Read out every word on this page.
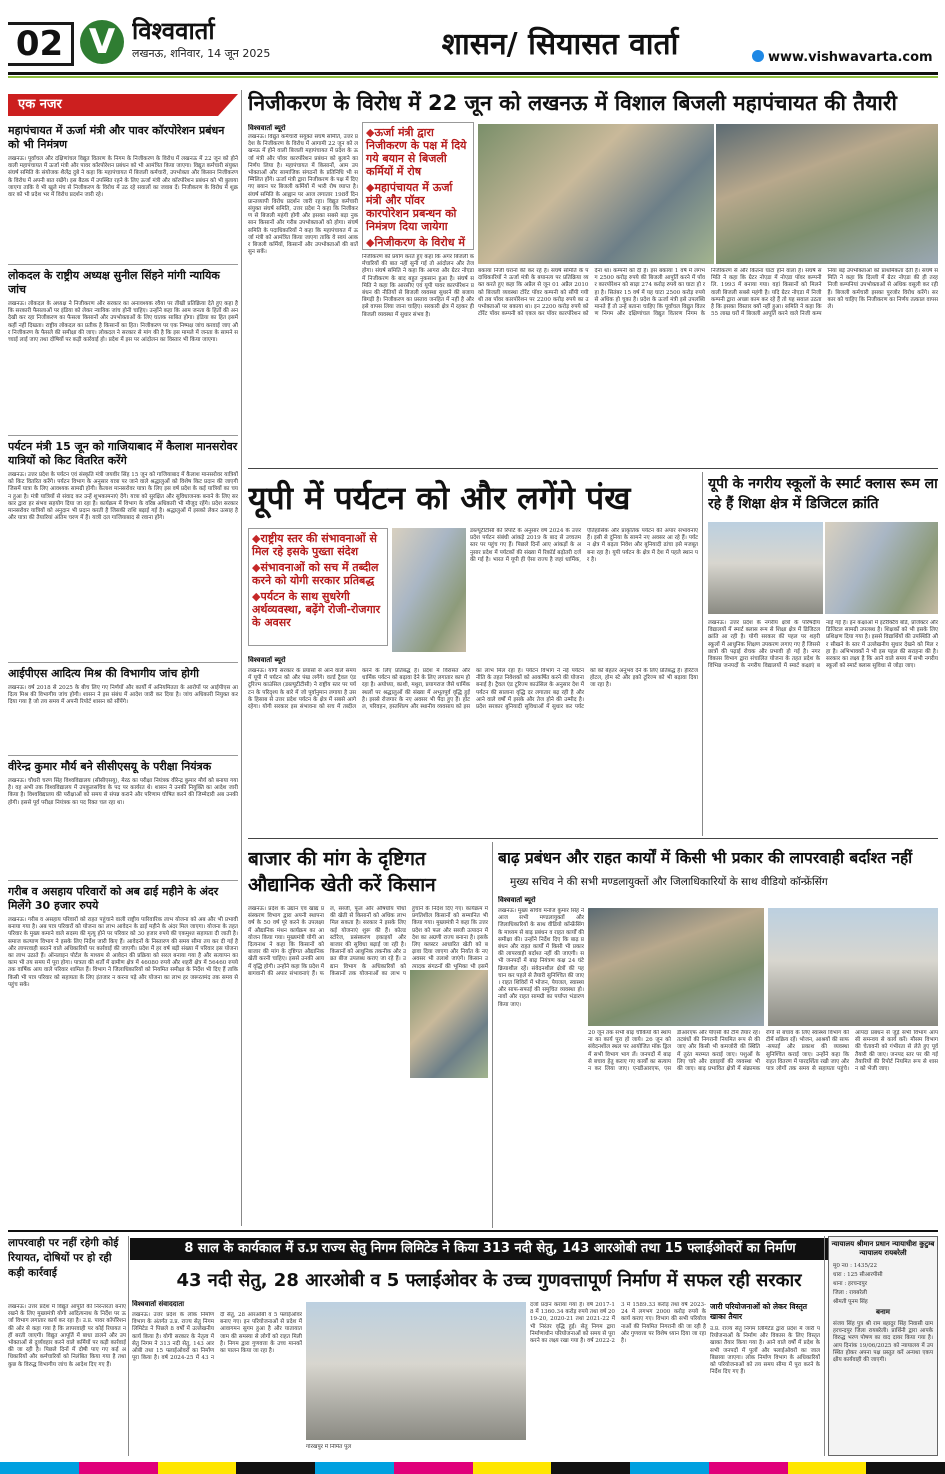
02 V विश्ववार्ता
लखनऊ, शनिवार, 14 जून 2025	शासन/ सियासत वार्ता	www.vishwavarta.com
एक नजर
महापंचायत में ऊर्जा मंत्री और पावर कॉरपोरेशन प्रबंधन को भी निमंत्रण
लखनऊ। पूर्वांचल और दक्षिणांचल विद्युत वितरण के निगम के निजीकरण के विरोध में लखनऊ में 22 जून को होने वाली महापंचायत में ऊर्जा मंत्री और पावर कॉरपोरेशन प्रबंधन को भी आमंत्रित किया जाएगा। विद्युत कर्मचारी संयुक्त संघर्ष समिति के संयोजक शैलेंद्र दुबे ने कहा कि महापंचायत में बिजली कर्मचारी, उपभोक्ता और किसान निजीकरण के विरोध में अपनी बात रखेंगे। इस बैठक में उपस्थित रहने के लिए ऊर्जा मंत्री और कॉरपोरेशन प्रबंधन को भी बुलाया जाएगा ताकि वे भी खुले मंच से निजीकरण के विरोध में उठ रहे सवालों का जवाब दें। निजीकरण के विरोध में शुक्रवार को भी प्रदेश भर में विरोध प्रदर्शन जारी रहे।
लोकदल के राष्ट्रीय अध्यक्ष सुनील सिंहने मांगी न्यायिक जांच
लखनऊ। लोकदल के अध्यक्ष ने निजीकरण और सरकार का अनावश्यक रवैया पर तीखी प्रतिक्रिया देते हुए कहा है कि सरकारी फैसलाओं पर इंडिया को लेकर न्यायिक जांच होनी चाहिए। उन्होंने कहा कि आम जनता के हितों की अनदेखी कर रहा निजीकरण का फैसला किसानों और उपभोक्ताओं के लिए घातक साबित होगा। इंडिया का हित इसमें कहीं नहीं दिखता। राष्ट्रीय लोकदल का प्रतीक है किसानों का हित। निजीकरण पर एक निष्पक्ष जांच करवाई जाए और निजीकरण के फैसले की समीक्षा की जाए। लोकदल ने सरकार से मांग की है कि इस मामले में जनता के सामने सच्चाई लाई जाए तथा दोषियों पर कड़ी कार्रवाई हो। प्रदेश में इस पर आंदोलन का विस्तार भी किया जाएगा।
पर्यटन मंत्री 15 जून को गाजियाबाद में कैलाश मानसरोवर यात्रियों को किट वितरित करेंगे
लखनऊ। उत्तर प्रदेश के पर्यटन एवं संस्कृति मंत्री जयवीर सिंह 15 जून को गाजियाबाद में कैलाश मानसरोवर यात्रियों को किट वितरित करेंगे। पर्यटन विभाग के अनुसार यात्रा पर जाने वाले श्रद्धालुओं को विशेष किट प्रदान की जाएगी जिसमें यात्रा के लिए आवश्यक सामग्री होगी। कैलाश मानसरोवर यात्रा के लिए इस वर्ष प्रदेश के कई यात्रियों का चयन हुआ है। मंत्री यात्रियों से संवाद कर उन्हें शुभकामनाएं देंगे। यात्रा को सुरक्षित और सुविधाजनक बनाने के लिए सरकार द्वारा हर संभव सहयोग दिया जा रहा है। कार्यक्रम में विभाग के वरिष्ठ अधिकारी भी मौजूद रहेंगे। प्रदेश सरकार मानसरोवर यात्रियों को अनुदान भी प्रदान करती है जिसकी राशि बढ़ाई गई है। श्रद्धालुओं में इसको लेकर उत्साह है और यात्रा की तैयारियां अंतिम चरण में हैं। यात्री दल गाजियाबाद से रवाना होंगे।
आईपीएस आदित्य मिश्र की विभागीय जांच होगी
लखनऊ। वर्ष 2018 से 2025 के बीच लिए गए निर्णयों और कार्यों में अनियमितता के आरोपों पर आईपीएस आदित्य मिश्र की विभागीय जांच होगी। शासन ने इस संबंध में आदेश जारी कर दिया है। जांच अधिकारी नियुक्त कर दिया गया है जो तय समय में अपनी रिपोर्ट शासन को सौंपेंगे।
वीरेन्द्र कुमार मौर्य बने सीसीएसयू के परीक्षा नियंत्रक
लखनऊ। चौधरी चरण सिंह विश्वविद्यालय (सीसीएसयू), मेरठ का परीक्षा नियंत्रक वीरेन्द्र कुमार मौर्य को बनाया गया है। वह अभी तक विश्वविद्यालय में उपकुलसचिव के पद पर कार्यरत थे। शासन ने उनकी नियुक्ति का आदेश जारी किया है। विश्वविद्यालय की परीक्षाओं को समय से संपन्न कराने और परिणाम घोषित करने की जिम्मेदारी अब उनकी होगी। इससे पूर्व परीक्षा नियंत्रक का पद रिक्त चल रहा था।
गरीब व असहाय परिवारों को अब ढाई महीने के अंदर मिलेंगे 30 हजार रुपये
लखनऊ। गरीब व असहाय परिवारों को राहत पहुंचाने वाली राष्ट्रीय पारिवारिक लाभ योजना को अब और भी प्रभावी बनाया गया है। अब पात्र परिवारों को योजना का लाभ आवेदन के ढाई महीने के अंदर मिल जाएगा। योजना के तहत परिवार के मुख्य कमाने वाले सदस्य की मृत्यु होने पर परिवार को 30 हजार रुपये की एकमुश्त सहायता दी जाती है। समाज कल्याण विभाग ने इसके लिए निर्देश जारी किए हैं। आवेदनों के निस्तारण की समय सीमा तय कर दी गई है और लापरवाही बरतने वाले अधिकारियों पर कार्रवाई की जाएगी। प्रदेश में हर वर्ष बड़ी संख्या में परिवार इस योजना का लाभ उठाते हैं। ऑनलाइन पोर्टल के माध्यम से आवेदन की प्रक्रिया को सरल बनाया गया है और सत्यापन का काम भी तय समय में पूरा होगा। पात्रता की शर्तों में ग्रामीण क्षेत्र में 46080 रुपये और शहरी क्षेत्र में 56460 रुपये तक वार्षिक आय वाले परिवार शामिल हैं। विभाग ने जिलाधिकारियों को नियमित समीक्षा के निर्देश भी दिए हैं ताकि किसी भी पात्र परिवार को सहायता के लिए इंतजार न करना पड़े और योजना का लाभ हर जरूरतमंद तक समय से पहुंच सके।
निजीकरण के विरोध में 22 जून को लखनऊ में विशाल बिजली महापंचायत की तैयारी
विश्ववार्ता ब्यूरो
लखनऊ। विद्युत कर्मचारी संयुक्त संघर्ष समिति, उत्तर प्रदेश के निजीकरण के विरोध में आगामी 22 जून को लखनऊ में होने वाली बिजली महापंचायत में प्रदेश के ऊर्जा मंत्री और पॉवर कारपोरेशन प्रबंधन को बुलाने का निर्णय लिया है। महापंचायत में किसानों, आम उपभोक्ताओं और सामाजिक संगठनों के प्रतिनिधि भी सम्मिलित होंगे। ऊर्जा मंत्री द्वारा निजीकरण के पक्ष में दिए गए बयान पर बिजली कर्मियों में भारी रोष व्याप्त है। संघर्ष समिति के आह्वान पर आज लगातार 198वें दिन प्रान्तव्यापी विरोध प्रदर्शन जारी रहा। विद्युत कर्मचारी संयुक्त संघर्ष समिति, उत्तर प्रदेश ने कहा कि निजीकरण से बिजली महंगी होगी और इसका सबसे बड़ा नुकसान किसानों और गरीब उपभोक्ताओं को होगा। संघर्ष समिति के पदाधिकारियों ने कहा कि महापंचायत में ऊर्जा मंत्री को आमंत्रित किया जाएगा ताकि वे स्वयं आकर बिजली कर्मियों, किसानों और उपभोक्ताओं की बातें सुन सकें।
◆ऊर्जा मंत्री द्वारा निजीकरण के पक्ष में दिये गये बयान से बिजली कर्मियों में रोष
◆महापंचायत में ऊर्जा मंत्री और पॉवर कारपोरेशन प्रबन्धन को निमंत्रण दिया जायेगा
◆निजीकरण के विरोध में
निजीकरण को प्रयोग करते हुए कहा कि अगर बिजली कर्मचारियों की बात नहीं सुनी गई तो आंदोलन और तेज होगा। संघर्ष समिति ने कहा कि आगरा और ग्रेटर नोएडा में निजीकरण के बाद बहुत नुकसान हुआ है। संघर्ष समिति ने कहा कि आरसीए एवं यूपी पावर कारपोरेशन प्रबंधन की नीतियों से बिजली व्यवस्था सुधरने की बजाय बिगड़ी है। निजीकरण का प्रस्ताव जनहित में नहीं है और इसे वापस लिया जाना चाहिए। सरकारी क्षेत्र में रहकर ही बिजली व्यवस्था में सुधार संभव है।
बकाया निजी घरानों की कर रहे हैं। संघर्ष समिति के पदाधिकारियों ने ऊर्जा मंत्री के बयानत्य पर प्रतिक्रिया व्यक्त करते हुए कहा कि अप्रैल से जून 01 अप्रैल 2010 को बिजली व्यवस्था टोरेंट पॉवर कम्पनी को सौंपी गयी थी तब पॉवर कारपोरेशन पर 2200 करोड़ रुपये का उपभोक्ताओं पर बकाया था। इन 2200 करोड़ रुपये को टोरेंट पॉवर कम्पनी को एकत्र कर पॉवर कारपोरेशन को देना था। कम्पनी को दी हैं। इस बकाया 1 वर्ष में लगभग 2500 करोड़ रुपये की बिजली आपूर्ति करने में पॉवर कारपोरेशन को साढ़ा 274 करोड़ रुपये का घाटा हो रहा है। सितंबर 15 वर्ष में यह घाटा 2500 करोड़ रुपये से अधिक हो चुका है। प्रदेश के ऊर्जा मंत्री इसे उपलब्धि मानते हैं तो उन्हें बताना चाहिए कि पूर्वांचल विद्युत वितरण निगम और दक्षिणांचल विद्युत वितरण निगम के निजीकरण से और कितना घाटा होने वाला है। संघर्ष समिति ने कहा कि ग्रेटर नोएडा में नोएडा पॉवर कम्पनी लि. 1993 में बनाया गया। वहां किसानों को मिलने वाली बिजली सबसे महंगी है। यदि ग्रेटर नोएडा में निजी कम्पनी द्वारा अच्छा काम कर रहे हैं तो यह सवाल उठता है कि इसका विस्तार क्यों नहीं हुआ। समिति ने कहा कि 55 लाख घरों में बिजली आपूर्ति करने वाले निजी कम्पनियां बड़े उपभोक्ताओं को प्राथमिकता देती हैं। संघर्ष समिति ने कहा कि दिल्ली में ग्रेटर नोएडा की ही तरह निजी कम्पनियां उपभोक्ताओं से अधिक वसूली कर रही हैं। बिजली कर्मचारी इसका पुरजोर विरोध करेंगे। सरकार को चाहिए कि निजीकरण का निर्णय तत्काल वापस ले।
यूपी में पर्यटन को और लगेंगे पंख
◆राष्ट्रीय स्तर की संभावनाओं से मिल रहे इसके पुख्ता संदेश
◆संभावनाओं को सच में तब्दील करने को योगी सरकार प्रतिबद्ध
◆पर्यटन के साथ सुधरेगी अर्थव्यवस्था, बढ़ेंगे रोजी-रोजगार के अवसर
डब्ल्यूटीटीसी की रिपोर्ट के अनुसार वर्ष 2024 के उत्तर प्रदेश पर्यटन संबंधी आंकड़े 2019 के बाद से उच्चतम स्तर पर पहुंच गए हैं। पिछले दिनों आए आंकड़ों के अनुसार प्रदेश में पर्यटकों की संख्या में रिकॉर्ड बढ़ोतरी दर्ज की गई है। भारत में यूपी ही ऐसा राज्य है जहां धार्मिक, ऐतिहासिक और प्राकृतिक पर्यटन की अपार संभावनाएं हैं। इसी से दुनिया के सामने नए अवसर आ रहे हैं। पर्यटन क्षेत्र में बढ़ता निवेश और बुनियादी ढांचा इसे मजबूत बना रहा है। यूपी पर्यटन के क्षेत्र में देश में पहले स्थान पर है।
विश्ववार्ता ब्यूरो
लखनऊ। योगी सरकार के प्रयासों से आने वाले समय में यूपी में पर्यटन को और पंख लगेंगे। वर्ल्ड ट्रैवल एंड टूरिज्म काउंसिल (डब्ल्यूटीटीसी) ने राष्ट्रीय स्तर पर पर्यटन के परिदृश्य के बारे में जो पूर्वानुमान लगाया है उसके हिसाब से उत्तर प्रदेश पर्यटन के क्षेत्र में सबसे आगे रहेगा। योगी सरकार इस संभावना को सच में तब्दील करने के लिए प्रतिबद्ध है। प्रदेश में विरासत और धार्मिक पर्यटन को बढ़ावा देने के लिए लगातार काम हो रहा है। अयोध्या, काशी, मथुरा, प्रयागराज जैसे धार्मिक स्थलों पर श्रद्धालुओं की संख्या में अभूतपूर्व वृद्धि हुई है। इससे रोजगार के नए अवसर भी पैदा हुए हैं। होटल, परिवहन, हस्तशिल्प और स्थानीय व्यवसाय को इसका लाभ मिल रहा है। पर्यटन विभाग ने नई पर्यटन नीति के तहत निवेशकों को आकर्षित करने की योजना बनाई है। ट्रैवल एंड टूरिज्म काउंसिल के अनुसार देश में पर्यटन की सालाना वृद्धि दर लगातार बढ़ रही है और आने वाले वर्षों में इसके और तेज होने की उम्मीद है। प्रदेश सरकार बुनियादी सुविधाओं में सुधार कर पर्यटकों को बेहतर अनुभव देने के लिए प्रतिबद्ध है। हेरिटेज होटल, होम स्टे और इको टूरिज्म को भी बढ़ावा दिया जा रहा है।
यूपी के नगरीय स्कूलों के स्मार्ट क्लास रूम ला रहे हैं शिक्षा क्षेत्र में डिजिटल क्रांति
लखनऊ। उत्तर प्रदेश के नगरीय क्षेत्रों के परिषदीय विद्यालयों में स्मार्ट क्लास रूम से शिक्षा क्षेत्र में डिजिटल क्रांति आ रही है। योगी सरकार की पहल पर शहरी स्कूलों में आधुनिक शिक्षण उपकरण लगाए गए हैं जिससे छात्रों की पढ़ाई रोचक और प्रभावी हो गई है। नगर विकास विभाग द्वारा संचालित योजना के तहत प्रदेश के विभिन्न जनपदों के नगरीय विद्यालयों में स्मार्ट कक्षाएं बनाई गई हैं। इन कक्षाओं में इंटरैक्टिव बोर्ड, प्रोजेक्टर और डिजिटल सामग्री उपलब्ध है। शिक्षकों को भी इसके लिए प्रशिक्षण दिया गया है। इससे विद्यार्थियों की उपस्थिति और सीखने के स्तर में उल्लेखनीय सुधार देखने को मिल रहा है। अभिभावकों ने भी इस पहल की सराहना की है। सरकार का लक्ष्य है कि आने वाले समय में सभी नगरीय स्कूलों को स्मार्ट क्लास सुविधा से जोड़ा जाए।
बाजार की मांग के दृष्टिगत औद्यानिक खेती करें किसान
लखनऊ। प्रदेश के उद्यान एवं खाद्य प्रसंस्करण विभाग द्वारा अपनी स्थापना वर्ष के 50 वर्ष पूरे करने के उपलक्ष्य में औद्यानिक मंथन कार्यक्रम का आयोजन किया गया। मुख्यमंत्री योगी आदित्यनाथ ने कहा कि किसानों को बाजार की मांग के दृष्टिगत औद्यानिक खेती करनी चाहिए। इससे उनकी आय में वृद्धि होगी। उन्होंने कहा कि प्रदेश में बागवानी की अपार संभावनाएं हैं। फल, सब्जी, फूल और औषधीय पौधों की खेती से किसानों को अधिक लाभ मिल सकता है। सरकार ने इसके लिए कई योजनाएं शुरू की हैं। कोल्ड स्टोरेज, प्रसंस्करण इकाइयों और बाजार की सुविधा बढ़ाई जा रही है। किसानों को आधुनिक तकनीक और उन्नत बीज उपलब्ध कराए जा रहे हैं। उद्यान विभाग के अधिकारियों को किसानों तक योजनाओं का लाभ पहुंचाने के निर्देश दिए गए। कार्यक्रम में प्रगतिशील किसानों को सम्मानित भी किया गया। मुख्यमंत्री ने कहा कि उत्तर प्रदेश को फल और सब्जी उत्पादन में देश का अग्रणी राज्य बनाना है। इसके लिए क्लस्टर आधारित खेती को बढ़ावा दिया जाएगा और निर्यात के नए अवसर भी तलाशे जाएंगे। किसान उत्पादक संगठनों की भूमिका भी इसमें
बाढ़ प्रबंधन और राहत कार्यों में किसी भी प्रकार की लापरवाही बर्दाश्त नहीं
मुख्य सचिव ने की सभी मण्डलायुक्तों और जिलाधिकारियों के साथ वीडियो कॉन्फ्रेंसिंग
विश्ववार्ता ब्यूरो
लखनऊ। मुख्य सचिव मनोज कुमार सिंह ने आज सभी मण्डलायुक्तों और जिलाधिकारियों के साथ वीडियो कॉन्फ्रेंसिंग के माध्यम से बाढ़ प्रबंधन व राहत कार्यों की समीक्षा की। उन्होंने निर्देश दिए कि बाढ़ प्रबंधन और राहत कार्यों में किसी भी प्रकार की लापरवाही बर्दाश्त नहीं की जाएगी। सभी जनपदों में बाढ़ नियंत्रण कक्ष 24 घंटे क्रियाशील रहें। संवेदनशील क्षेत्रों की पहचान कर पहले से तैयारी सुनिश्चित की जाए। राहत शिविरों में भोजन, पेयजल, स्वास्थ्य और साफ-सफाई की समुचित व्यवस्था हो। नावों और राहत सामग्री का पर्याप्त भंडारण किया जाए।
20 जून तक सभी बाढ़ चौकियों की स्थापना का कार्य पूरा हो जाये। 26 जून को संवेदनशील स्थल पर आयोजित मॉक ड्रिल में सभी विभाग भाग लें। जनपदों में बाढ़ से बचाव हेतु कराए गए कार्यों का सत्यापन कर लिया जाए। एनडीआरएफ, एसडीआरएफ और पीएसी की टीमें तैयार रहें। तटबंधों की निगरानी नियमित रूप से की जाए और किसी भी कमजोरी की स्थिति में तुरंत मरम्मत कराई जाए। पशुओं के लिए चारे और दवाइयों की व्यवस्था भी की जाए। बाढ़ प्रभावित क्षेत्रों में संक्रामक रोगों से बचाव के लिए स्वास्थ्य विभाग की टीमें सक्रिय रहें। भोजन, आश्रयों की साफ-सफाई और प्रकाश की व्यवस्था सुनिश्चित कराई जाए। उन्होंने कहा कि राहत वितरण में पारदर्शिता रखी जाए और पात्र लोगों तक समय से सहायता पहुंचे। आपदा प्रबंधन से जुड़े सभी विभाग आपसी समन्वय से कार्य करें। मौसम विभाग की चेतावनी को गंभीरता से लेते हुए पूर्व तैयारी की जाए। जनपद स्तर पर की गई तैयारियों की रिपोर्ट नियमित रूप से शासन को भेजी जाए।
लापरवाही पर नहीं रहेगी कोई रियायत, दोषियों पर हो रही कड़ी कार्रवाई
लखनऊ। उत्तर प्रदेश में विद्युत आपूर्ति की निरन्तरता बनाए रखने के लिए मुख्यमंत्री योगी आदित्यनाथ के निर्देश पर ऊर्जा विभाग लगातार कार्य कर रहा है। उ.प्र. पावर कॉर्पोरेशन की ओर से कहा गया है कि लापरवाही पर कोई रियायत नहीं बरती जाएगी। विद्युत आपूर्ति में बाधा डालने और उपभोक्ताओं से दुर्व्यवहार करने वाले कर्मियों पर कड़ी कार्रवाई की जा रही है। पिछले दिनों में दोषी पाए गए कई अधिकारियों और कर्मचारियों को निलंबित किया गया है तथा कुछ के विरुद्ध विभागीय जांच के आदेश दिए गए हैं।
8 साल के कार्यकाल में उ.प्र राज्य सेतु निगम लिमिटेड ने किया 313 नदी सेतु, 143 आरओबी तथा 15 फ्लाईओवरों का निर्माण
43 नदी सेतु, 28 आरओबी व 5 फ्लाईओवर के उच्च गुणवत्तापूर्ण निर्माण में सफल रही सरकार
विश्ववार्ता संवाददाता
लखनऊ। उत्तर प्रदेश के लोक निर्माण विभाग के अंतर्गत उ.प्र. राज्य सेतु निगम लिमिटेड ने पिछले 8 वर्षों में उल्लेखनीय कार्य किया है। योगी सरकार के नेतृत्व में सेतु निगम ने 313 नदी सेतु, 143 आरओबी तथा 15 फ्लाईओवरों का निर्माण पूरा किया है। वर्ष 2024-25 में 43 नदी सेतु, 28 आरओबी व 5 फ्लाईओवर बनाए गए। इन परियोजनाओं से प्रदेश में आवागमन सुगम हुआ है और यातायात जाम की समस्या से लोगों को राहत मिली है। निगम द्वारा गुणवत्ता के उच्च मानकों का पालन किया जा रहा है।
गोरखपुर में निर्मित पुल
दर्जा प्रदान कराया गया है। वर्ष 2017-18 में 1360.34 करोड़ रुपये तथा वर्ष 2019-20, 2020-21 तथा 2021-22 में भी निरंतर वृद्धि हुई। सेतु निगम द्वारा निर्माणाधीन परियोजनाओं को समय से पूरा करने का लक्ष्य रखा गया है। वर्ष 2022-23 में 1589.33 करोड़ तथा वर्ष 2023-24 में लगभग 2000 करोड़ रुपये के कार्य कराए गए। विभाग की सभी परियोजनाओं की नियमित निगरानी की जा रही है और गुणवत्ता पर विशेष ध्यान दिया जा रहा है।
जारी परियोजनाओं को लेकर विस्तृत खाका तैयार
उ.प्र. राज्य सेतु निगम लिमिटेड द्वारा प्रदेश में जारी परियोजनाओं के निर्माण और विकास के लिए विस्तृत खाका तैयार किया गया है। आने वाले वर्षों में प्रदेश के सभी जनपदों में पुलों और फ्लाईओवरों का जाल बिछाया जाएगा। लोक निर्माण विभाग के अधिकारियों को परियोजनाओं को तय समय सीमा में पूरा करने के निर्देश दिए गए हैं।
न्यायालय श्रीमान प्रधान न्यायाधीश कुटुम्ब न्यायालय रायबरेली
मू0 न0 : 1435/22
धारा : 125 सीआरपीसी
थाना : हरचन्दपुर
जिला : रायबरेली
श्रीमती पूनम सिंह
बनाम
संजय सिंह पुत्र श्री राम बहादुर सिंह निवासी ग्राम हरचन्दपुर जिला रायबरेली। प्रार्थिनी द्वारा आपके विरुद्ध भरण पोषण का वाद दायर किया गया है। आप दिनांक 19/06/2025 को न्यायालय में उपस्थित होकर अपना पक्ष प्रस्तुत करें अन्यथा एकपक्षीय कार्यवाही की जाएगी।
